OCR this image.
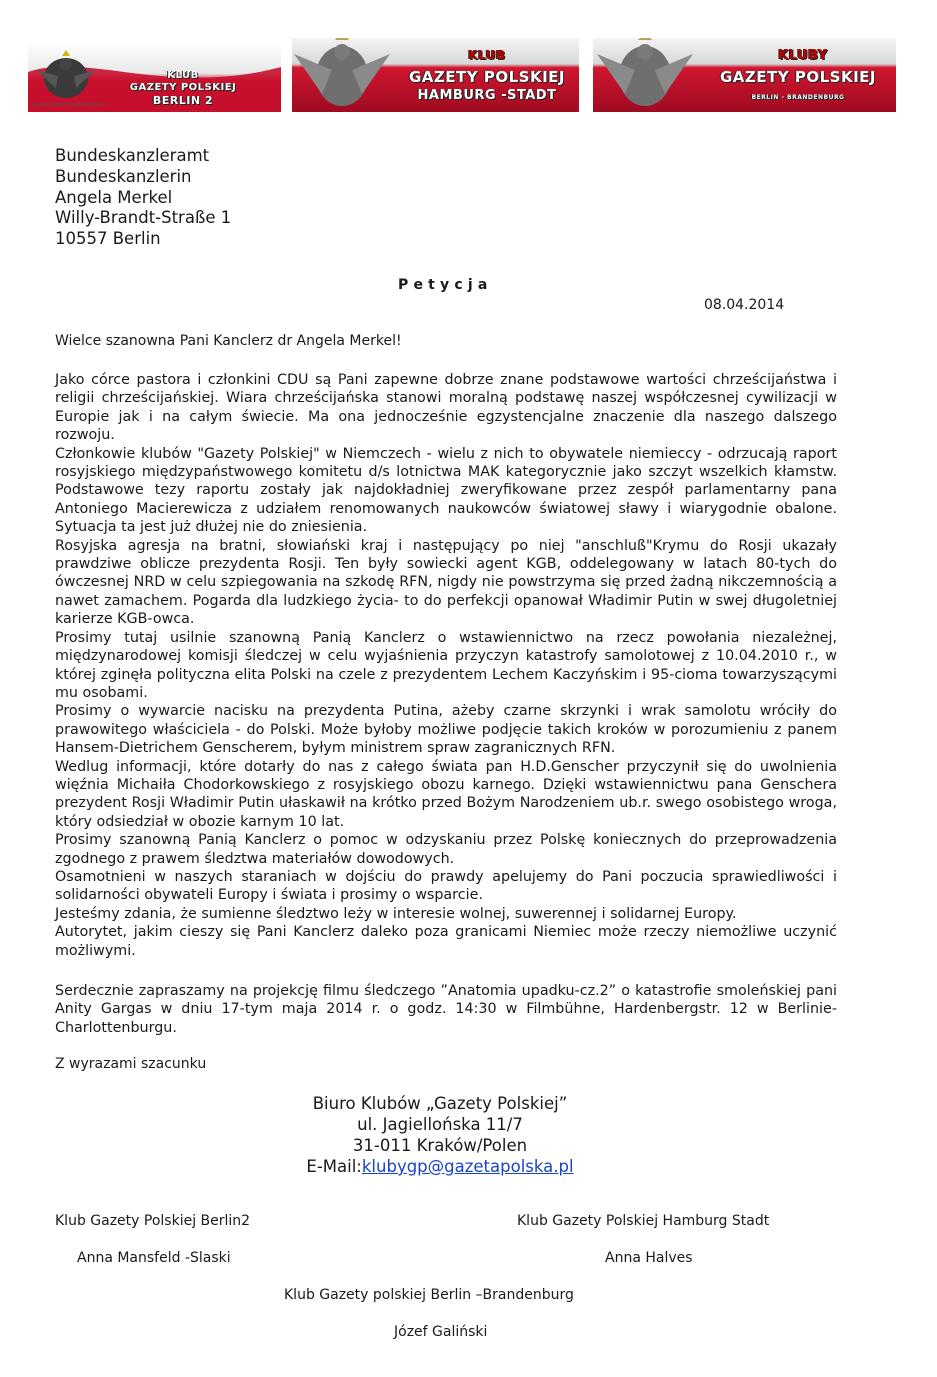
KLUB
GAZETY POLSKIEJ
BERLIN 2
klubgazetberlin2@outlook.de
KLUB
GAZETY POLSKIEJ
HAMBURG -STADT
KLUBY
GAZETY POLSKIEJ
BERLIN - BRANDENBURG
Bundeskanzleramt
Bundeskanzlerin
Angela Merkel
Willy-Brandt-Straße 1
10557 Berlin
Petycja
08.04.2014
Wielce szanowna Pani Kanclerz dr Angela Merkel!

Jako córce pastora i członkini CDU są Pani zapewne dobrze znane podstawowe wartości chrześcijaństwa i religii chrześcijańskiej. Wiara chrześcijańska stanowi moralną podstawę naszej współczesnej cywilizacji w Europie jak i na całym świecie. Ma ona jednocześnie egzystencjalne znaczenie dla naszego dalszego rozwoju.

Członkowie klubów "Gazety Polskiej" w Niemczech - wielu z nich to obywatele niemieccy - odrzucają raport rosyjskiego międzypaństwowego komitetu d/s lotnictwa MAK kategorycznie jako szczyt wszelkich kłamstw. Podstawowe tezy raportu zostały jak najdokładniej zweryfikowane przez zespół parlamentarny pana Antoniego Macierewicza z udziałem renomowanych naukowców światowej sławy i wiarygodnie obalone. Sytuacja ta jest już dłużej nie do zniesienia.

Rosyjska agresja na bratni, słowiański kraj i następujący po niej "anschluß"Krymu do Rosji ukazały prawdziwe oblicze prezydenta Rosji. Ten były sowiecki agent KGB, oddelegowany w latach 80-tych do ówczesnej NRD w celu szpiegowania na szkodę RFN, nigdy nie powstrzyma się przed żadną nikczemnością a nawet zamachem. Pogarda dla ludzkiego życia- to do perfekcji opanował Władimir Putin w swej długoletniej karierze KGB-owca.

Prosimy tutaj usilnie szanowną Panią Kanclerz o wstawiennictwo na rzecz powołania niezależnej, międzynarodowej komisji śledczej w celu wyjaśnienia przyczyn katastrofy samolotowej z 10.04.2010 r., w której zginęła polityczna elita Polski na czele z prezydentem Lechem Kaczyńskim i 95-cioma towarzyszącymi mu osobami.

Prosimy o wywarcie nacisku na prezydenta Putina, ażeby czarne skrzynki i wrak samolotu wróciły do prawowitego właściciela - do Polski. Może byłoby możliwe podjęcie takich kroków w porozumieniu z panem Hansem-Dietrichem Genscherem, byłym ministrem spraw zagranicznych RFN.

Wedlug informacji, które dotarły do nas z całego świata pan H.D.Genscher przyczynił się do uwolnienia więźnia Michaiła Chodorkowskiego z rosyjskiego obozu karnego. Dzięki wstawiennictwu pana Genschera prezydent Rosji Władimir Putin ułaskawił na krótko przed Bożym Narodzeniem ub.r. swego osobistego wroga, który odsiedział w obozie karnym 10 lat.

Prosimy szanowną Panią Kanclerz o pomoc w odzyskaniu przez Polskę koniecznych do przeprowadzenia zgodnego z prawem śledztwa materiałów dowodowych.

Osamotnieni w naszych staraniach w dojściu do prawdy apelujemy do Pani poczucia sprawiedliwości i solidarności obywateli Europy i świata i prosimy o wsparcie.

Jesteśmy zdania, że sumienne śledztwo leży w interesie wolnej, suwerennej i solidarnej Europy.

Autorytet, jakim cieszy się Pani Kanclerz daleko poza granicami Niemiec może rzeczy niemożliwe uczynić możliwymi.

Serdecznie zapraszamy na projekcję filmu śledczego ”Anatomia upadku-cz.2” o katastrofie smoleńskiej pani Anity Gargas w dniu 17-tym maja 2014 r. o godz. 14:30 w Filmbühne, Hardenbergstr. 12 w Berlinie-Charlottenburgu.
Z wyrazami szacunku
Biuro Klubów „Gazety Polskiej”
ul. Jagiellońska 11/7
31-011 Kraków/Polen
E-Mail:klubygp@gazetapolska.pl
Klub Gazety Polskiej Berlin2
Anna Mansfeld -Slaski
Klub Gazety Polskiej Hamburg Stadt
Anna Halves
Klub Gazety polskiej Berlin –Brandenburg
Józef Galiński
